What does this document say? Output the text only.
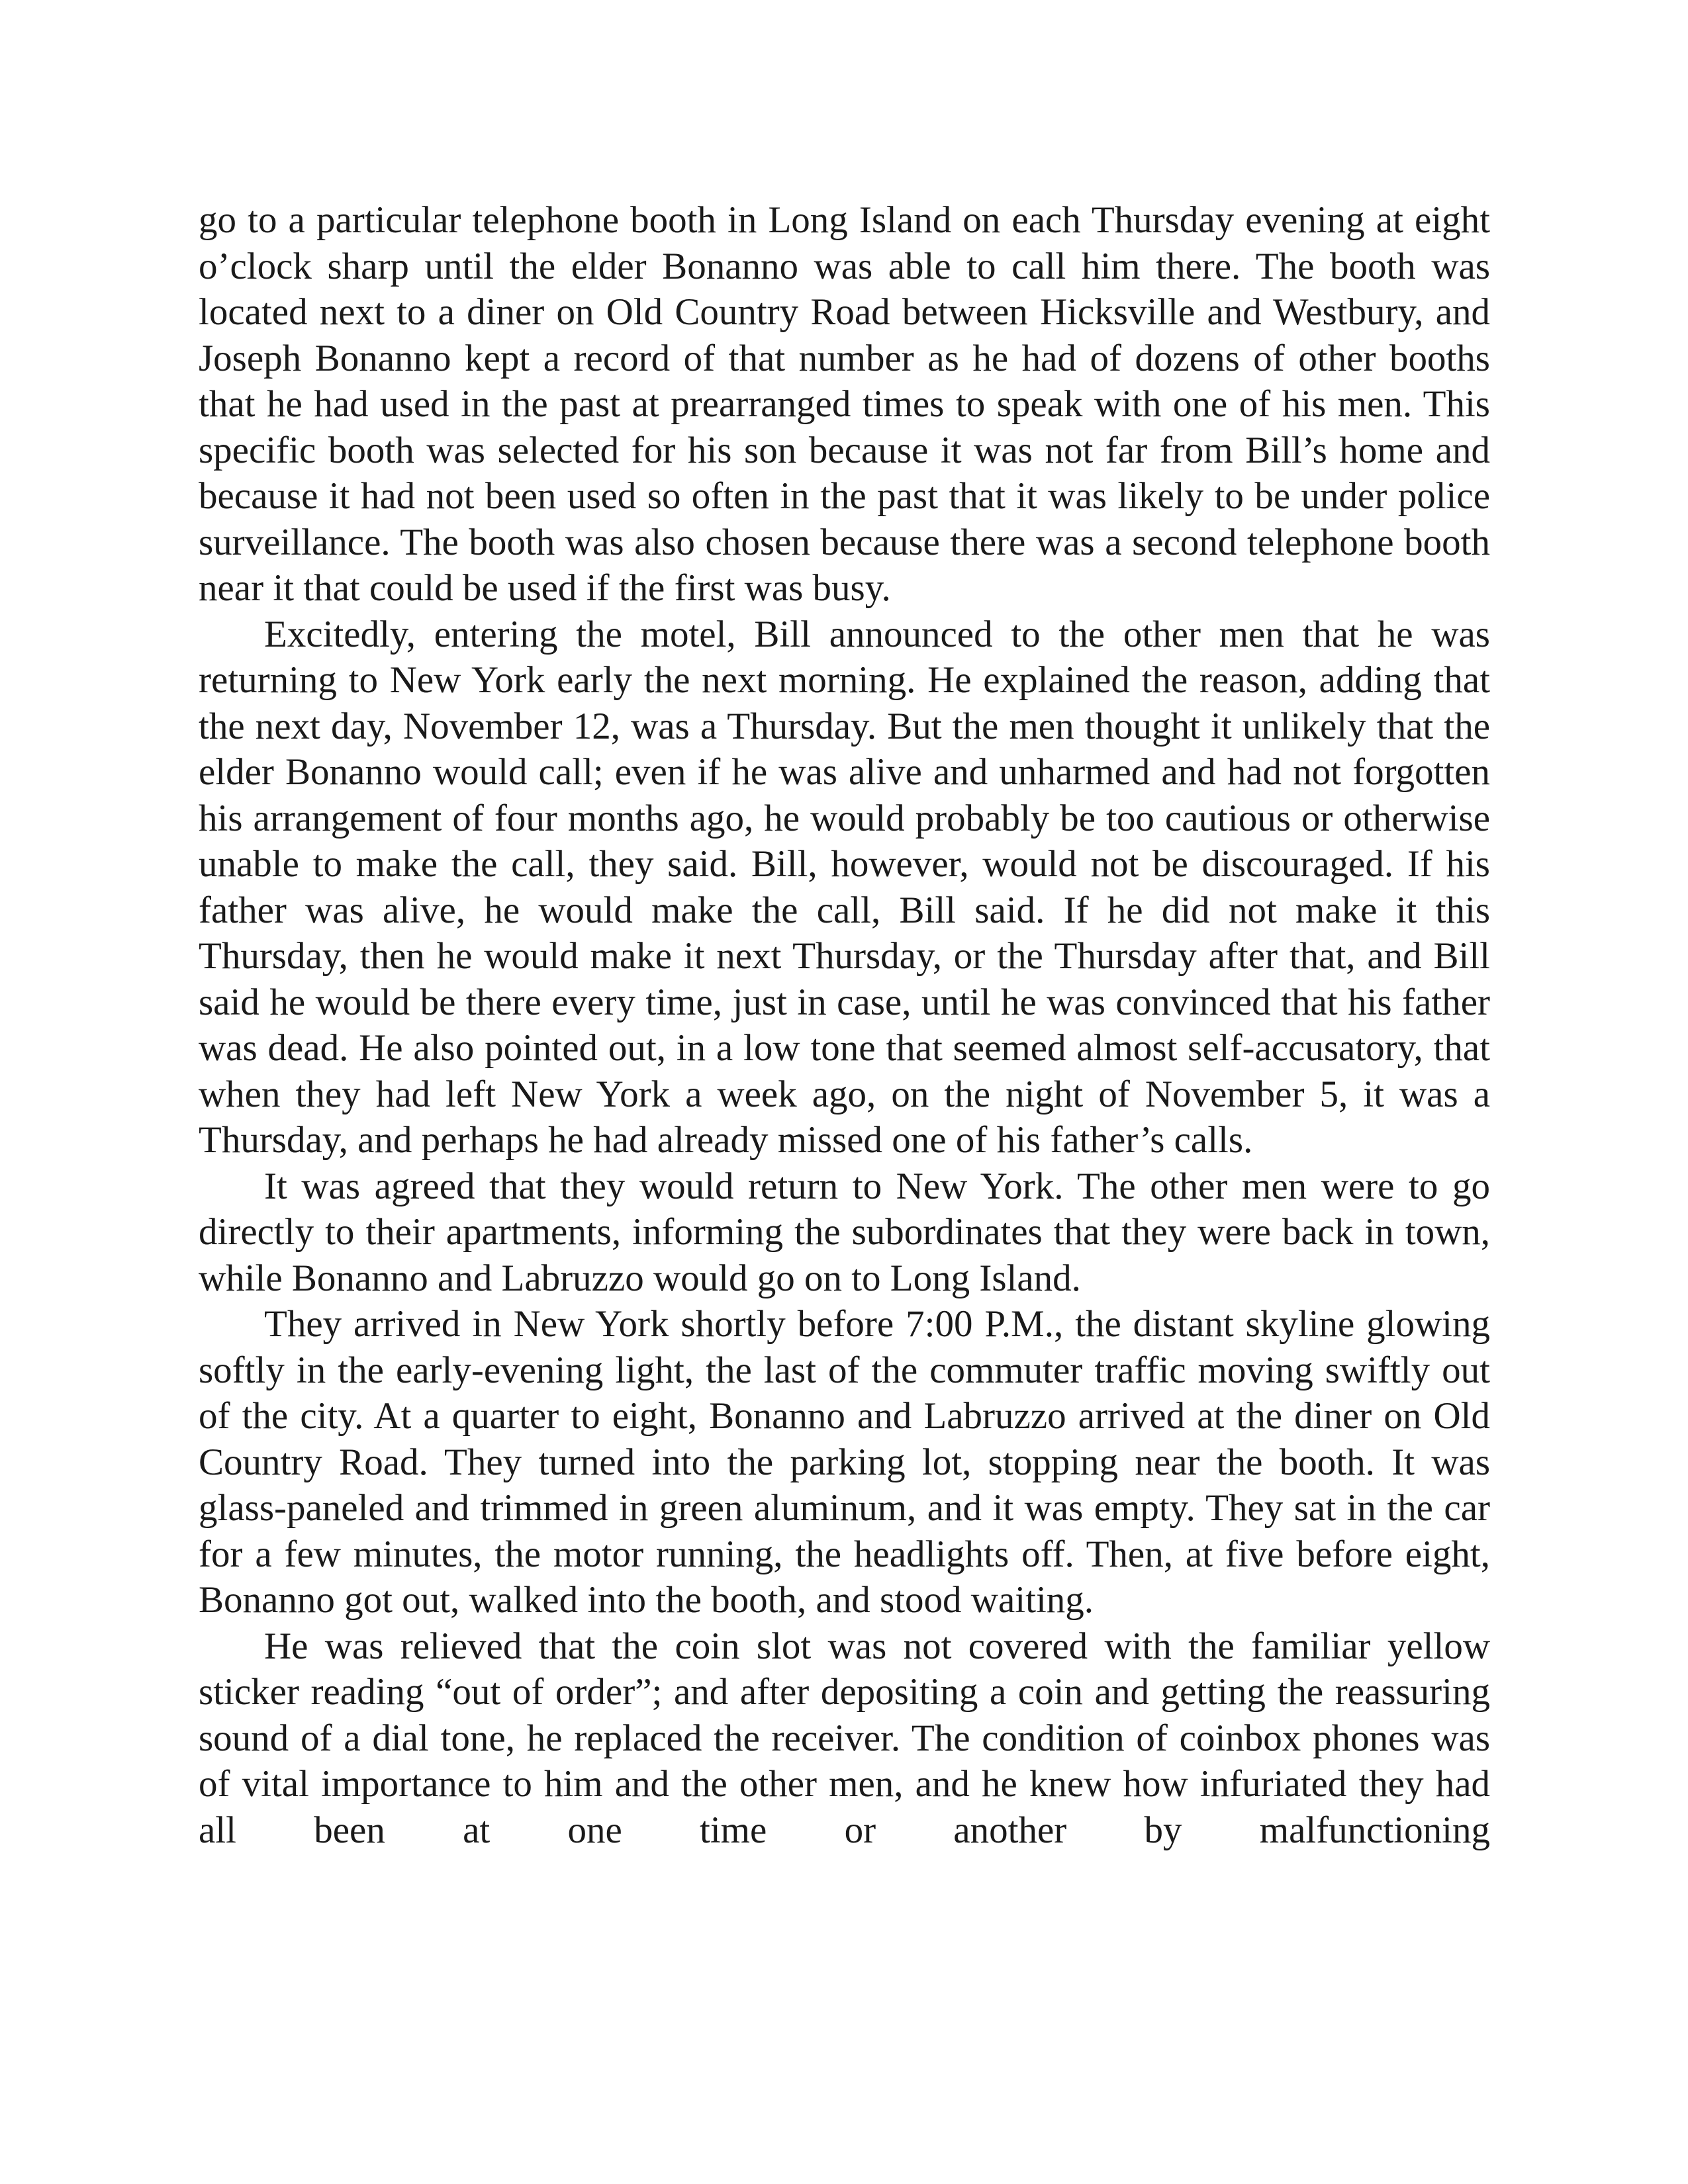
go to a particular telephone booth in Long Island on each Thursday evening at eight o’clock sharp until the elder Bonanno was able to call him there. The booth was located next to a diner on Old Country Road between Hicksville and Westbury, and Joseph Bonanno kept a record of that number as he had of dozens of other booths that he had used in the past at prearranged times to speak with one of his men. This specific booth was selected for his son because it was not far from Bill’s home and because it had not been used so often in the past that it was likely to be under police surveillance. The booth was also chosen because there was a second telephone booth near it that could be used if the first was busy.

Excitedly, entering the motel, Bill announced to the other men that he was returning to New York early the next morning. He explained the reason, adding that the next day, November 12, was a Thursday. But the men thought it unlikely that the elder Bonanno would call; even if he was alive and unharmed and had not forgotten his arrangement of four months ago, he would probably be too cautious or otherwise unable to make the call, they said. Bill, however, would not be discouraged. If his father was alive, he would make the call, Bill said. If he did not make it this Thursday, then he would make it next Thursday, or the Thursday after that, and Bill said he would be there every time, just in case, until he was convinced that his father was dead. He also pointed out, in a low tone that seemed almost self-accusatory, that when they had left New York a week ago, on the night of November 5, it was a Thursday, and perhaps he had already missed one of his father’s calls.

It was agreed that they would return to New York. The other men were to go directly to their apartments, informing the subordinates that they were back in town, while Bonanno and Labruzzo would go on to Long Island.

They arrived in New York shortly before 7:00 P.M., the distant skyline glowing softly in the early-evening light, the last of the commuter traffic moving swiftly out of the city. At a quarter to eight, Bonanno and Labruzzo arrived at the diner on Old Country Road. They turned into the parking lot, stopping near the booth. It was glass-paneled and trimmed in green aluminum, and it was empty. They sat in the car for a few minutes, the motor running, the headlights off. Then, at five before eight, Bonanno got out, walked into the booth, and stood waiting.

He was relieved that the coin slot was not covered with the familiar yellow sticker reading “out of order”; and after depositing a coin and getting the reassuring sound of a dial tone, he replaced the receiver. The condition of coinbox phones was of vital importance to him and the other men, and he knew how infuriated they had all been at one time or another by malfunctioning
